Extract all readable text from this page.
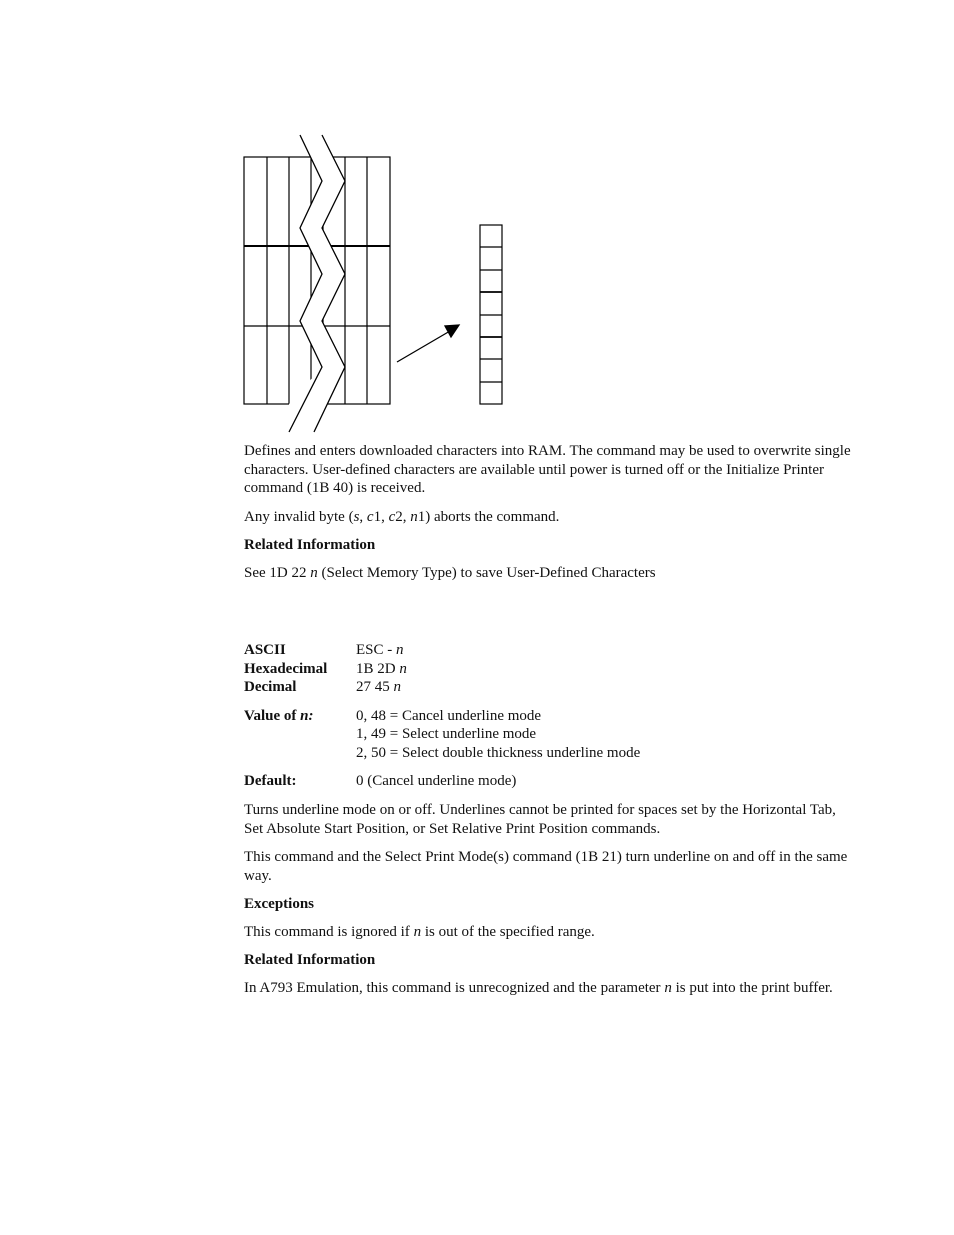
Defines and enters downloaded characters into RAM. The command may be used to overwrite single characters. User-defined characters are available until power is turned off or the Initialize Printer command (1B 40) is received.

Any invalid byte (s, c1, c2, n1) aborts the command.

Related Information

See 1D 22 n (Select Memory Type) to save User-Defined Characters

ASCII	ESC - n
Hexadecimal 1B 2D n
Decimal	27 45 n
Value of n:	0, 48 = Cancel underline mode
1, 49 = Select underline mode
2, 50 = Select double thickness underline mode
Default:	0 (Cancel underline mode)

Turns underline mode on or off. Underlines cannot be printed for spaces set by the Horizontal Tab, Set Absolute Start Position, or Set Relative Print Position commands.

This command and the Select Print Mode(s) command (1B 21) turn underline on and off in the same way.

Exceptions

This command is ignored if n is out of the specified range.

Related Information

In A793 Emulation, this command is unrecognized and the parameter n is put into the print buffer.
